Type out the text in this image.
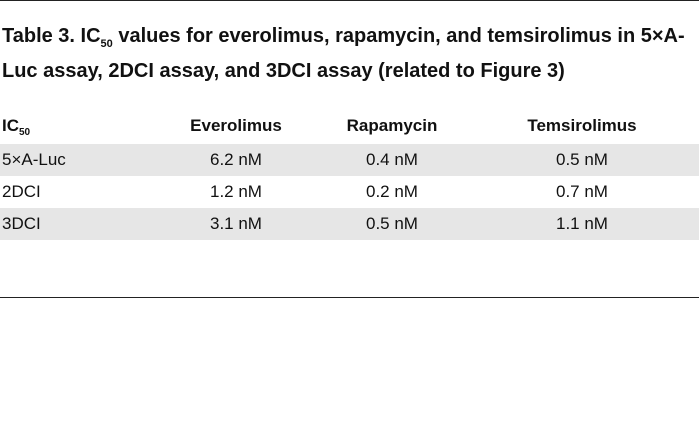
Table 3. $IC_{50}$ values for everolimus, rapamycin, and temsirolimus in 5×A-Luc assay, 2DCI assay, and 3DCI assay (related to Figure 3)
$IC_{50}$	Everolimus	Rapamycin	Temsirolimus
5×A-Luc	6.2 nM	0.4 nM	0.5 nM
2DCI	1.2 nM	0.2 nM	0.7 nM
3DCI	3.1 nM	0.5 nM	1.1 nM
